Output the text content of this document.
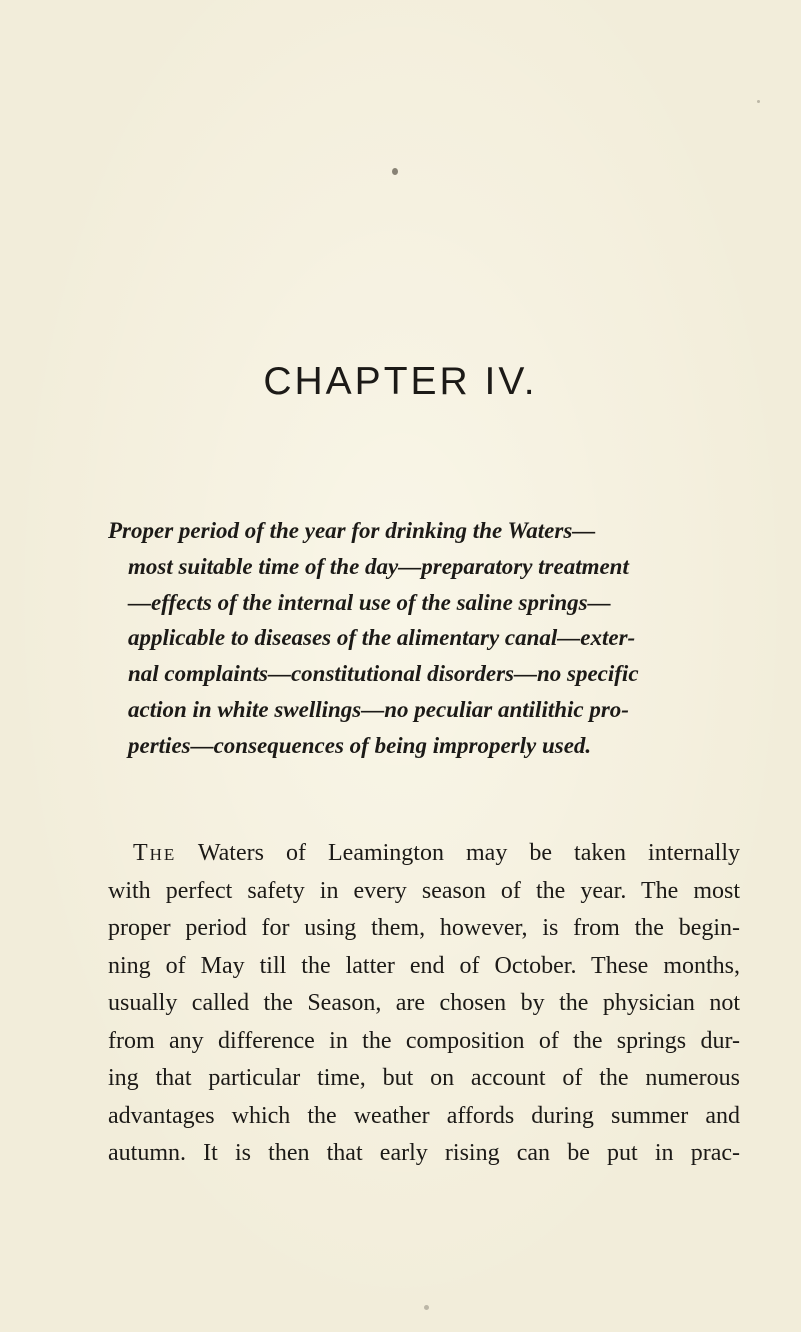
CHAPTER IV.

Proper period of the year for drinking the Waters—
most suitable time of the day—preparatory treatment
—effects of the internal use of the saline springs—
applicable to diseases of the alimentary canal—exter-
nal complaints—constitutional disorders—no specific
action in white swellings—no peculiar antilithic pro-
perties—consequences of being improperly used.

The Waters of Leamington may be taken internally
with perfect safety in every season of the year. The most
proper period for using them, however, is from the begin-
ning of May till the latter end of October. These months,
usually called the Season, are chosen by the physician not
from any difference in the composition of the springs dur-
ing that particular time, but on account of the numerous
advantages which the weather affords during summer and
autumn. It is then that early rising can be put in prac-
